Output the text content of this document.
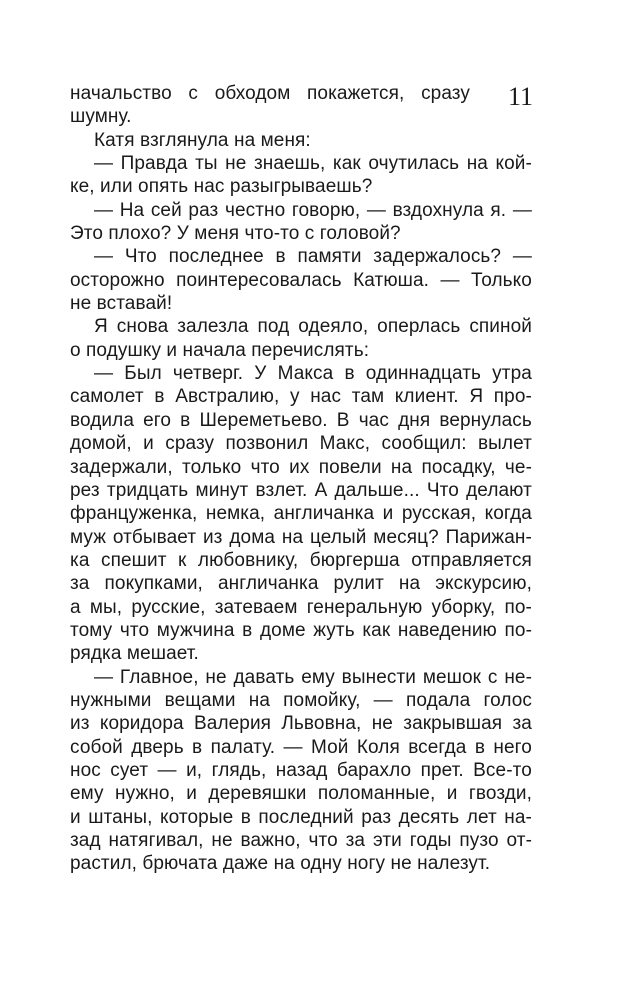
11
начальство с обходом покажется, сразу
шумну.
Катя взглянула на меня:
— Правда ты не знаешь, как очутилась на кой-
ке, или опять нас разыгрываешь?
— На сей раз честно говорю, — вздохнула я. —
Это плохо? У меня что-то с головой?
— Что последнее в памяти задержалось? —
осторожно поинтересовалась Катюша. — Только
не вставай!
Я снова залезла под одеяло, оперлась спиной
о подушку и начала перечислять:
— Был четверг. У Макса в одиннадцать утра
самолет в Австралию, у нас там клиент. Я про-
водила его в Шереметьево. В час дня вернулась
домой, и сразу позвонил Макс, сообщил: вылет
задержали, только что их повели на посадку, че-
рез тридцать минут взлет. А дальше... Что делают
француженка, немка, англичанка и русская, когда
муж отбывает из дома на целый месяц? Парижан-
ка спешит к любовнику, бюргерша отправляется
за покупками, англичанка рулит на экскурсию,
а мы, русские, затеваем генеральную уборку, по-
тому что мужчина в доме жуть как наведению по-
рядка мешает.
— Главное, не давать ему вынести мешок с не-
нужными вещами на помойку, — подала голос
из коридора Валерия Львовна, не закрывшая за
собой дверь в палату. — Мой Коля всегда в него
нос сует — и, глядь, назад барахло прет. Все-то
ему нужно, и деревяшки поломанные, и гвозди,
и штаны, которые в последний раз десять лет на-
зад натягивал, не важно, что за эти годы пузо от-
растил, брючата даже на одну ногу не налезут.
